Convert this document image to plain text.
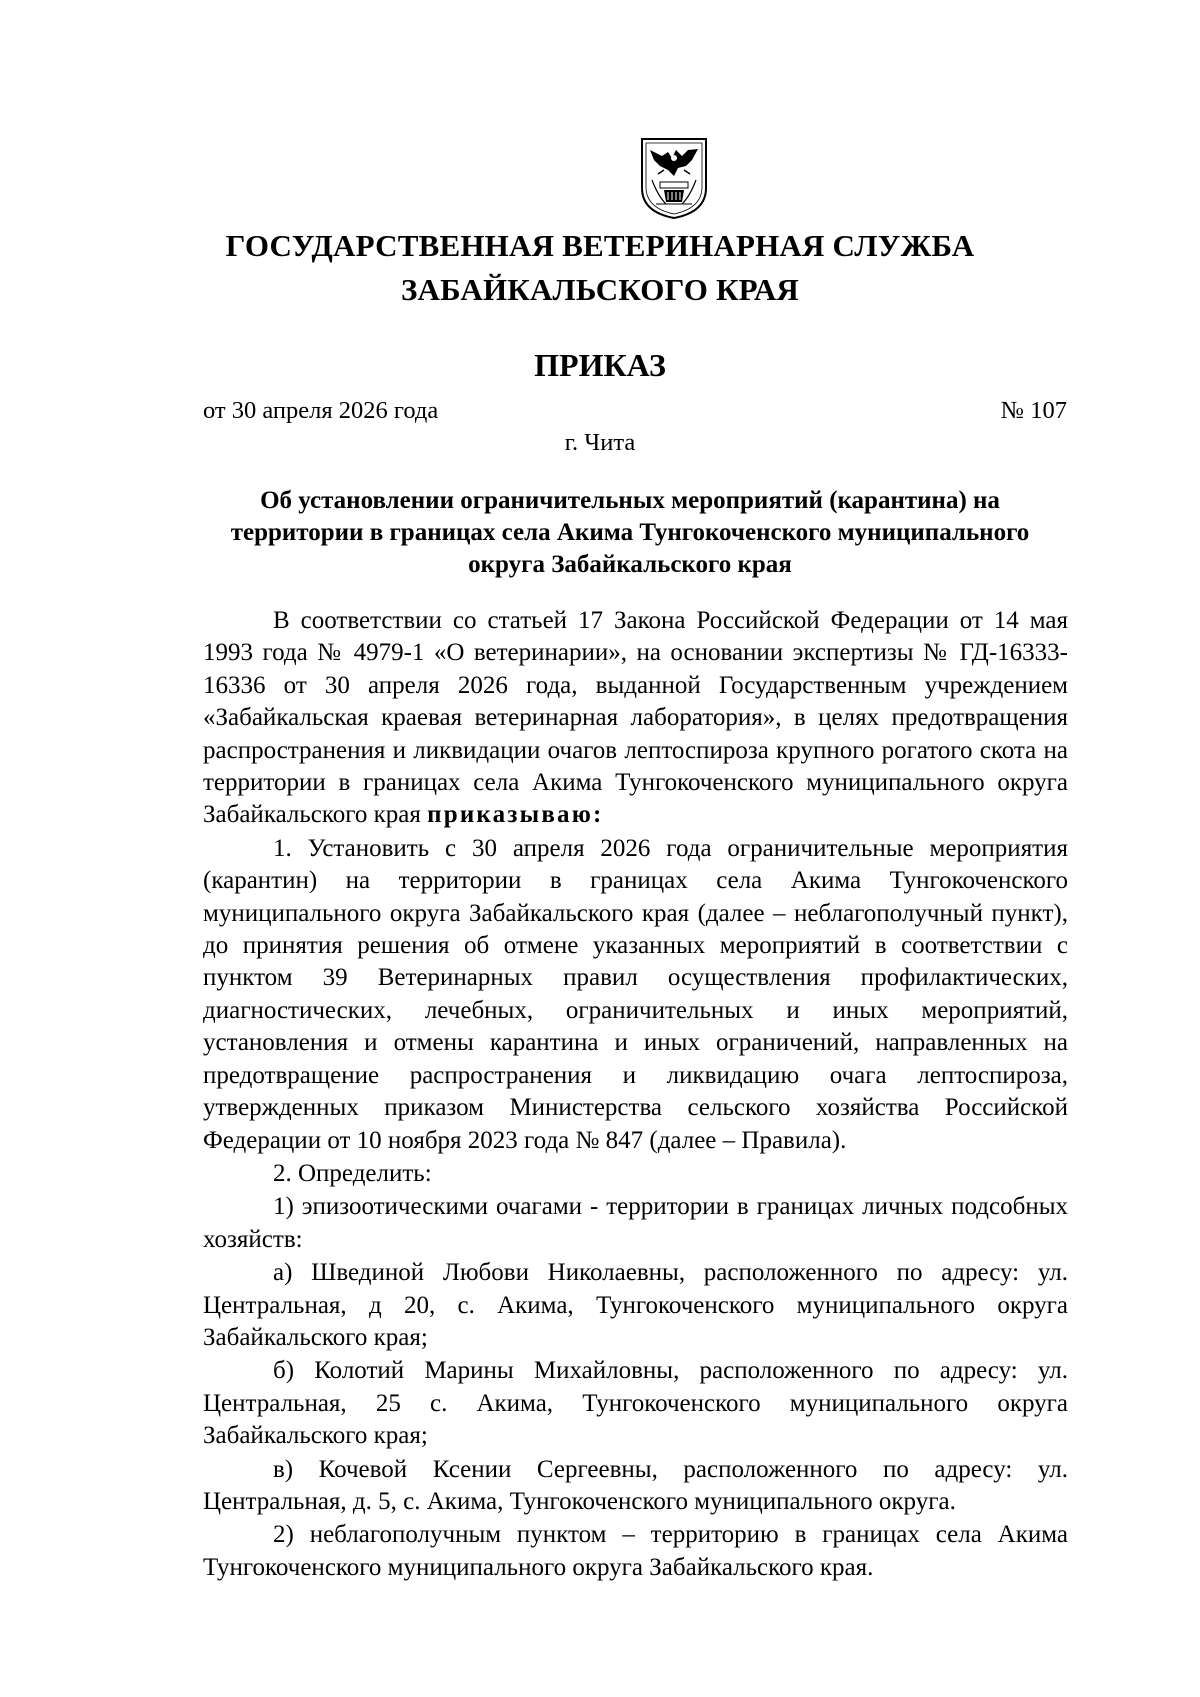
ГОСУДАРСТВЕННАЯ ВЕТЕРИНАРНАЯ СЛУЖБА
ЗАБАЙКАЛЬСКОГО КРАЯ
ПРИКАЗ
от 30 апреля 2026 года	№ 107
г. Чита
Об установлении ограничительных мероприятий (карантина) на
территории в границах села Акима Тунгокоченского муниципального
округа Забайкальского края

В соответствии со статьей 17 Закона Российской Федерации от 14 мая 1993 года № 4979-1 «О ветеринарии», на основании экспертизы № ГД-16333-16336 от 30 апреля 2026 года, выданной Государственным учреждением «Забайкальская краевая ветеринарная лаборатория», в целях предотвращения распространения и ликвидации очагов лептоспироза крупного рогатого скота на территории в границах села Акима Тунгокоченского муниципального округа Забайкальского края приказываю:

1. Установить с 30 апреля 2026 года ограничительные мероприятия (карантин) на территории в границах села Акима Тунгокоченского муниципального округа Забайкальского края (далее – неблагополучный пункт), до принятия решения об отмене указанных мероприятий в соответствии с пунктом 39 Ветеринарных правил осуществления профилактических, диагностических, лечебных, ограничительных и иных мероприятий, установления и отмены карантина и иных ограничений, направленных на предотвращение распространения и ликвидацию очага лептоспироза, утвержденных приказом Министерства сельского хозяйства Российской Федерации от 10 ноября 2023 года № 847 (далее – Правила).

2. Определить:

1) эпизоотическими очагами - территории в границах личных подсобных хозяйств:

а) Швединой Любови Николаевны, расположенного по адресу: ул. Центральная, д 20, с. Акима, Тунгокоченского муниципального округа Забайкальского края;

б) Колотий Марины Михайловны, расположенного по адресу: ул. Центральная, 25 с. Акима, Тунгокоченского муниципального округа Забайкальского края;

в) Кочевой Ксении Сергеевны, расположенного по адресу: ул. Центральная, д. 5, с. Акима, Тунгокоченского муниципального округа.

2) неблагополучным пунктом – территорию в границах села Акима Тунгокоченского муниципального округа Забайкальского края.
